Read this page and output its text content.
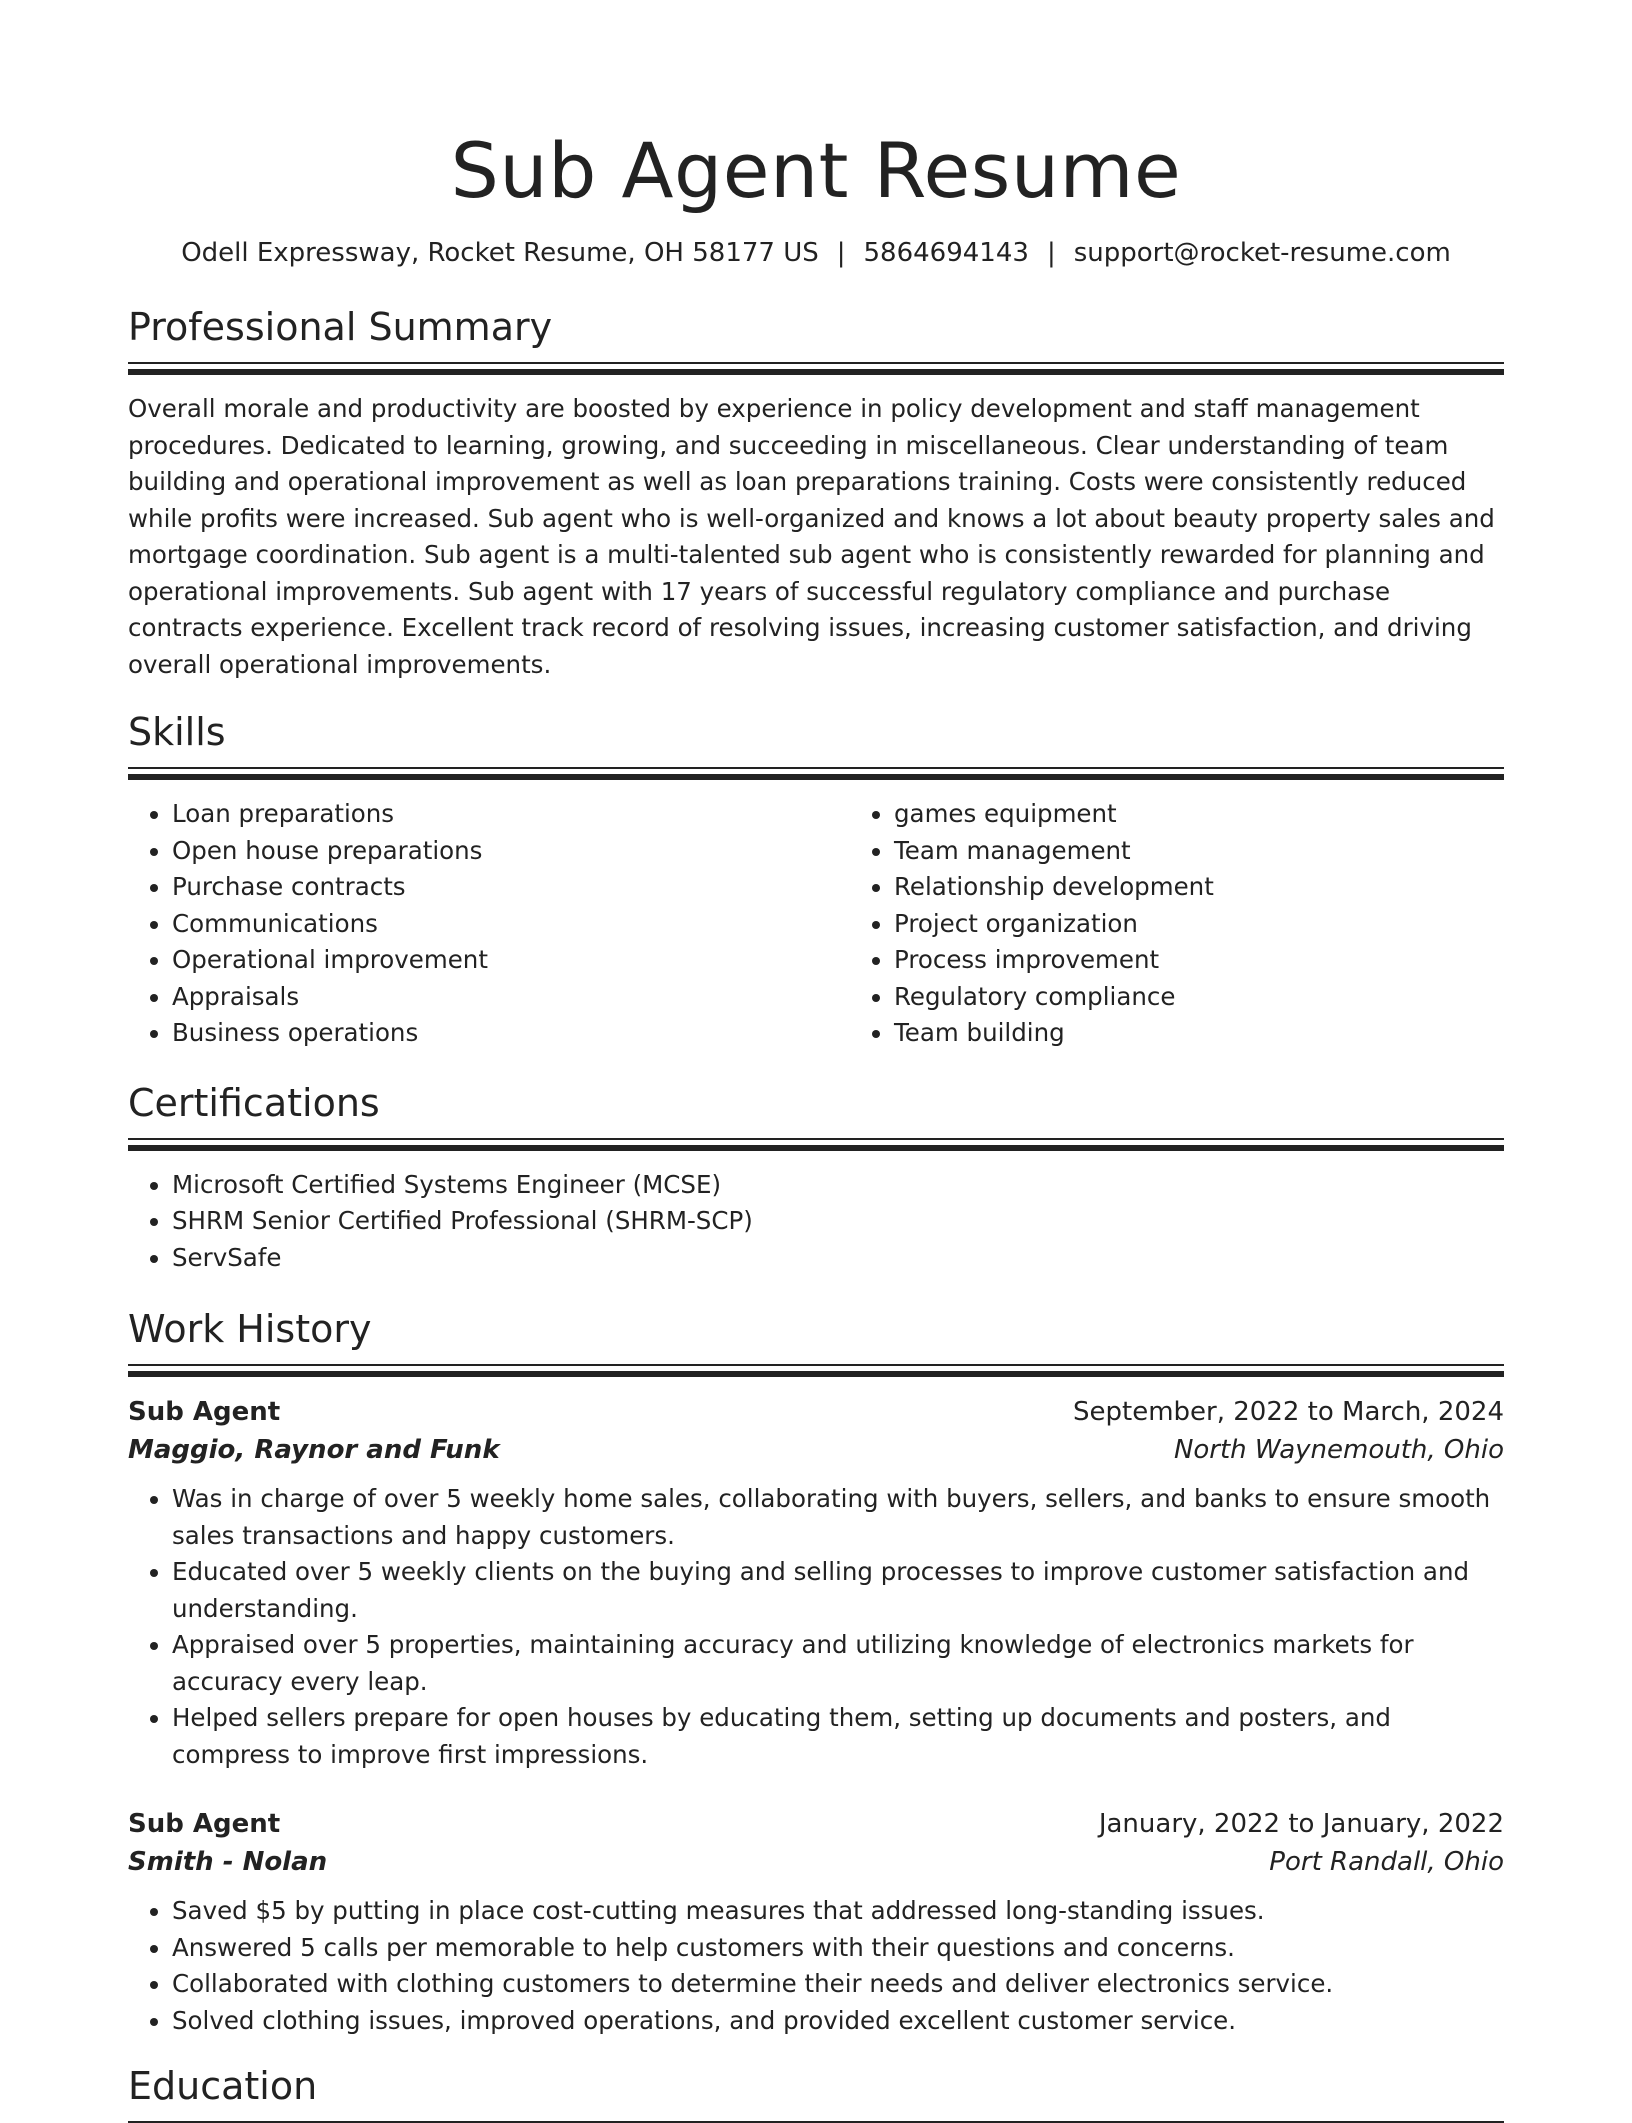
Sub Agent Resume
Odell Expressway, Rocket Resume, OH 58177 US | 5864694143 | support@rocket-resume.com
Professional Summary

Overall morale and productivity are boosted by experience in policy development and staff management procedures. Dedicated to learning, growing, and succeeding in miscellaneous. Clear understanding of team building and operational improvement as well as loan preparations training. Costs were consistently reduced while profits were increased. Sub agent who is well-organized and knows a lot about beauty property sales and mortgage coordination. Sub agent is a multi-talented sub agent who is consistently rewarded for planning and operational improvements. Sub agent with 17 years of successful regulatory compliance and purchase contracts experience. Excellent track record of resolving issues, increasing customer satisfaction, and driving overall operational improvements.

Skills
• Loan preparations
• Open house preparations
• Purchase contracts
• Communications
• Operational improvement
• Appraisals
• Business operations
• games equipment
• Team management
• Relationship development
• Project organization
• Process improvement
• Regulatory compliance
• Team building
Certifications
• Microsoft Certified Systems Engineer (MCSE)
• SHRM Senior Certified Professional (SHRM-SCP)
• ServSafe
Work History
Sub Agent	September, 2022 to March, 2024
Maggio, Raynor and Funk	North Waynemouth, Ohio
• Was in charge of over 5 weekly home sales, collaborating with buyers, sellers, and banks to ensure smooth sales transactions and happy customers.
• Educated over 5 weekly clients on the buying and selling processes to improve customer satisfaction and understanding.
• Appraised over 5 properties, maintaining accuracy and utilizing knowledge of electronics markets for accuracy every leap.
• Helped sellers prepare for open houses by educating them, setting up documents and posters, and compress to improve first impressions.
Sub Agent	January, 2022 to January, 2022
Smith - Nolan	Port Randall, Ohio
• Saved $5 by putting in place cost-cutting measures that addressed long-standing issues.
• Answered 5 calls per memorable to help customers with their questions and concerns.
• Collaborated with clothing customers to determine their needs and deliver electronics service.
• Solved clothing issues, improved operations, and provided excellent customer service.
Education
